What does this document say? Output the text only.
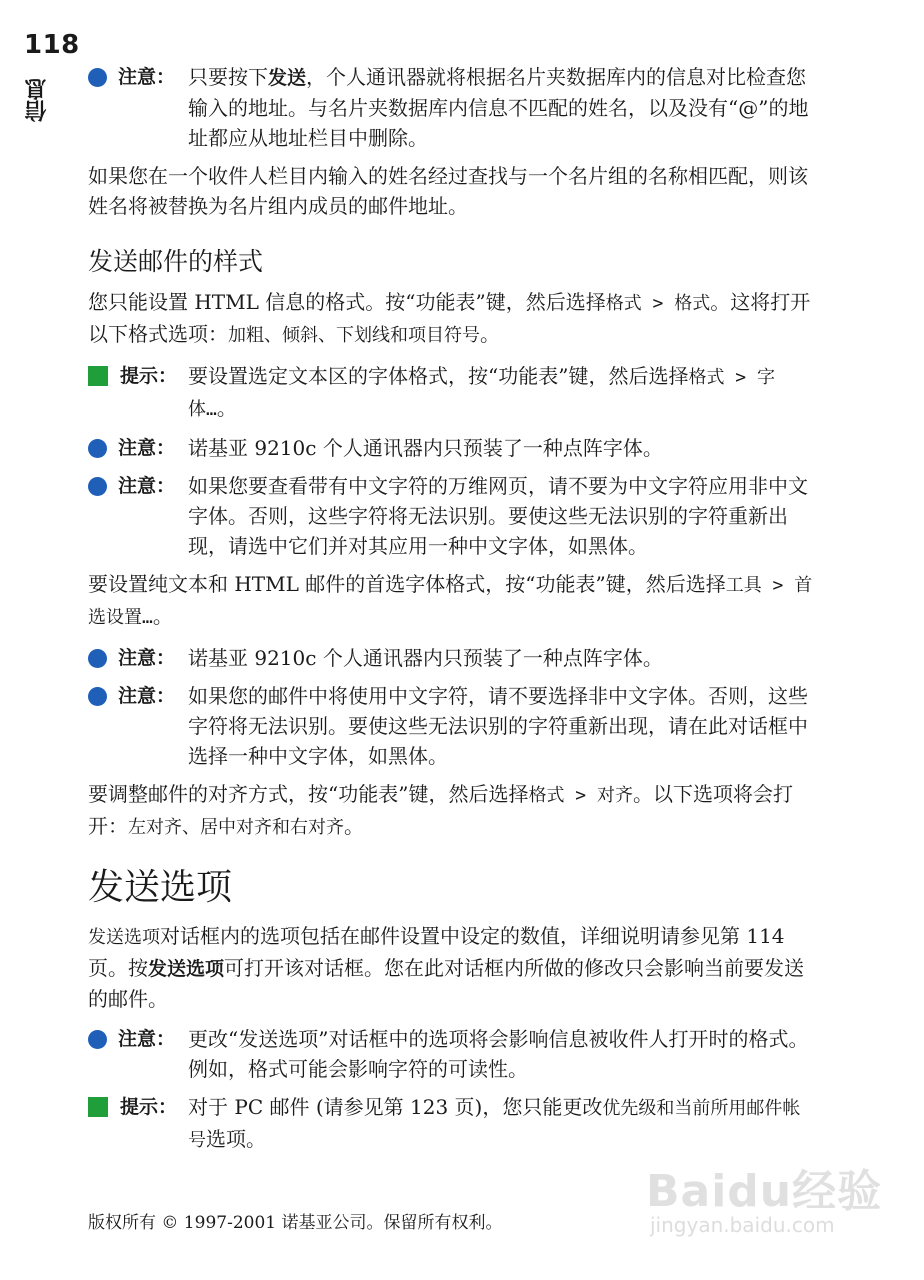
118
信息
注意： 只要按下发送，个人通讯器就将根据名片夹数据库内的信息对比检查您输入的地址。与名片夹数据库内信息不匹配的姓名，以及没有“@”的地址都应从地址栏目中删除。

如果您在一个收件人栏目内输入的姓名经过查找与一个名片组的名称相匹配，则该姓名将被替换为名片组内成员的邮件地址。

发送邮件的样式

您只能设置 HTML 信息的格式。按“功能表”键，然后选择格式 > 格式。这将打开以下格式选项：加粗、倾斜、下划线和项目符号。

提示： 要设置选定文本区的字体格式，按“功能表”键，然后选择格式 > 字体…。
注意： 诺基亚 9210c 个人通讯器内只预装了一种点阵字体。
注意： 如果您要查看带有中文字符的万维网页，请不要为中文字符应用非中文字体。否则，这些字符将无法识别。要使这些无法识别的字符重新出现，请选中它们并对其应用一种中文字体，如黑体。

要设置纯文本和 HTML 邮件的首选字体格式，按“功能表”键，然后选择工具 > 首选设置…。

注意： 诺基亚 9210c 个人通讯器内只预装了一种点阵字体。
注意： 如果您的邮件中将使用中文字符，请不要选择非中文字体。否则，这些字符将无法识别。要使这些无法识别的字符重新出现，请在此对话框中选择一种中文字体，如黑体。

要调整邮件的对齐方式，按“功能表”键，然后选择格式 > 对齐。以下选项将会打开：左对齐、居中对齐和右对齐。

发送选项

发送选项对话框内的选项包括在邮件设置中设定的数值，详细说明请参见第 114 页。按发送选项可打开该对话框。您在此对话框内所做的修改只会影响当前要发送的邮件。

注意： 更改“发送选项”对话框中的选项将会影响信息被收件人打开时的格式。例如，格式可能会影响字符的可读性。
提示： 对于 PC 邮件 (请参见第 123 页)，您只能更改优先级和当前所用邮件帐号选项。
版权所有 © 1997-2001 诺基亚公司。保留所有权利。
Baidu经验
jingyan.baidu.com
